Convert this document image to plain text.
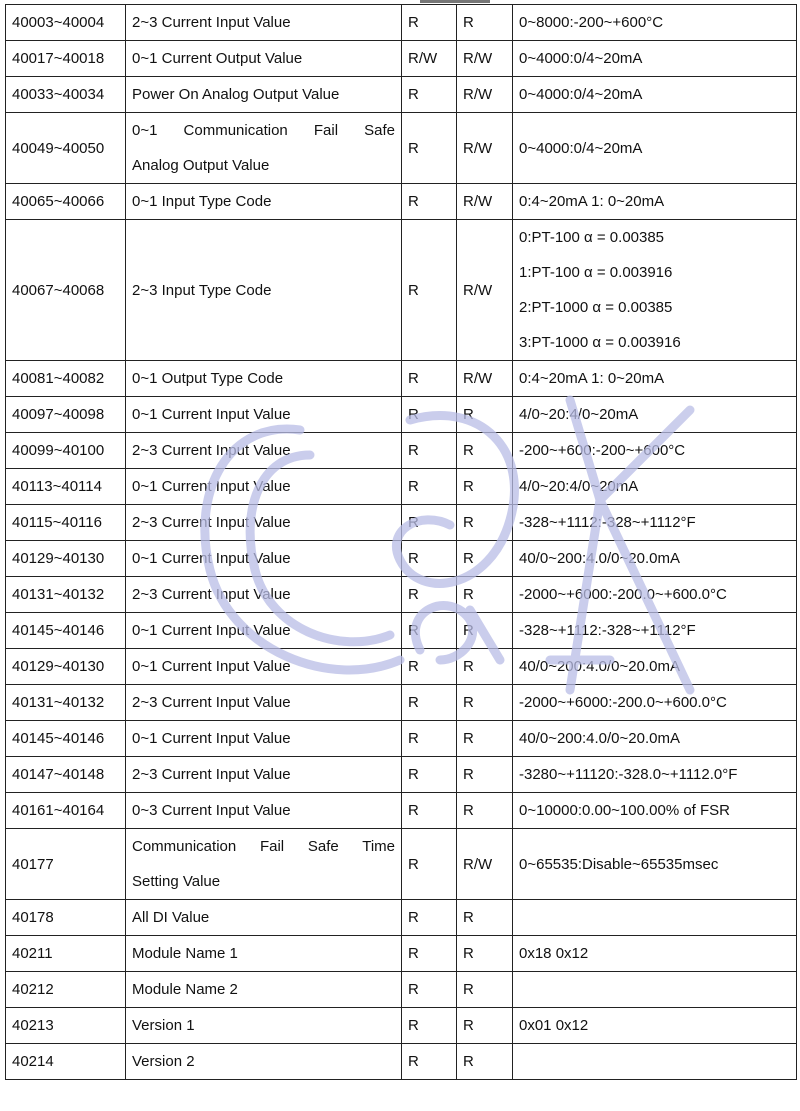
40003~40004	2~3 Current Input Value	R	R	0~8000:-200~+600°C
40017~40018	0~1 Current Output Value	R/W	R/W	0~4000:0/4~20mA
40033~40034	Power On Analog Output Value	R	R/W	0~4000:0/4~20mA
40049~40050	0~1 Communication Fail Safe
Analog Output Value	R	R/W	0~4000:0/4~20mA
40065~40066	0~1 Input Type Code	R	R/W	0:4~20mA 1: 0~20mA
40067~40068	2~3 Input Type Code	R	R/W	0:PT-100 α = 0.00385
1:PT-100 α = 0.003916
2:PT-1000 α = 0.00385
3:PT-1000 α = 0.003916

40081~40082	0~1 Output Type Code	R	R/W	0:4~20mA 1: 0~20mA
40097~40098	0~1 Current Input Value	R	R	4/0~20:4/0~20mA
40099~40100	2~3 Current Input Value	R	R	-200~+600:-200~+600°C
40113~40114	0~1 Current Input Value	R	R	4/0~20:4/0~20mA
40115~40116	2~3 Current Input Value	R	R	-328~+1112:-328~+1112°F
40129~40130	0~1 Current Input Value	R	R	40/0~200:4.0/0~20.0mA
40131~40132	2~3 Current Input Value	R	R	-2000~+6000:-200.0~+600.0°C
40145~40146	0~1 Current Input Value	R	R	-328~+1112:-328~+1112°F
40129~40130	0~1 Current Input Value	R	R	40/0~200:4.0/0~20.0mA
40131~40132	2~3 Current Input Value	R	R	-2000~+6000:-200.0~+600.0°C
40145~40146	0~1 Current Input Value	R	R	40/0~200:4.0/0~20.0mA
40147~40148	2~3 Current Input Value	R	R	-3280~+11120:-328.0~+1112.0°F
40161~40164	0~3 Current Input Value	R	R	0~10000:0.00~100.00% of FSR
40177	Communication Fail Safe Time
Setting Value	R	R/W	0~65535:Disable~65535msec
40178	All DI Value	R	R	
40211	Module Name 1	R	R	0x18 0x12
40212	Module Name 2	R	R	
40213	Version 1	R	R	0x01 0x12
40214	Version 2	R	R	
